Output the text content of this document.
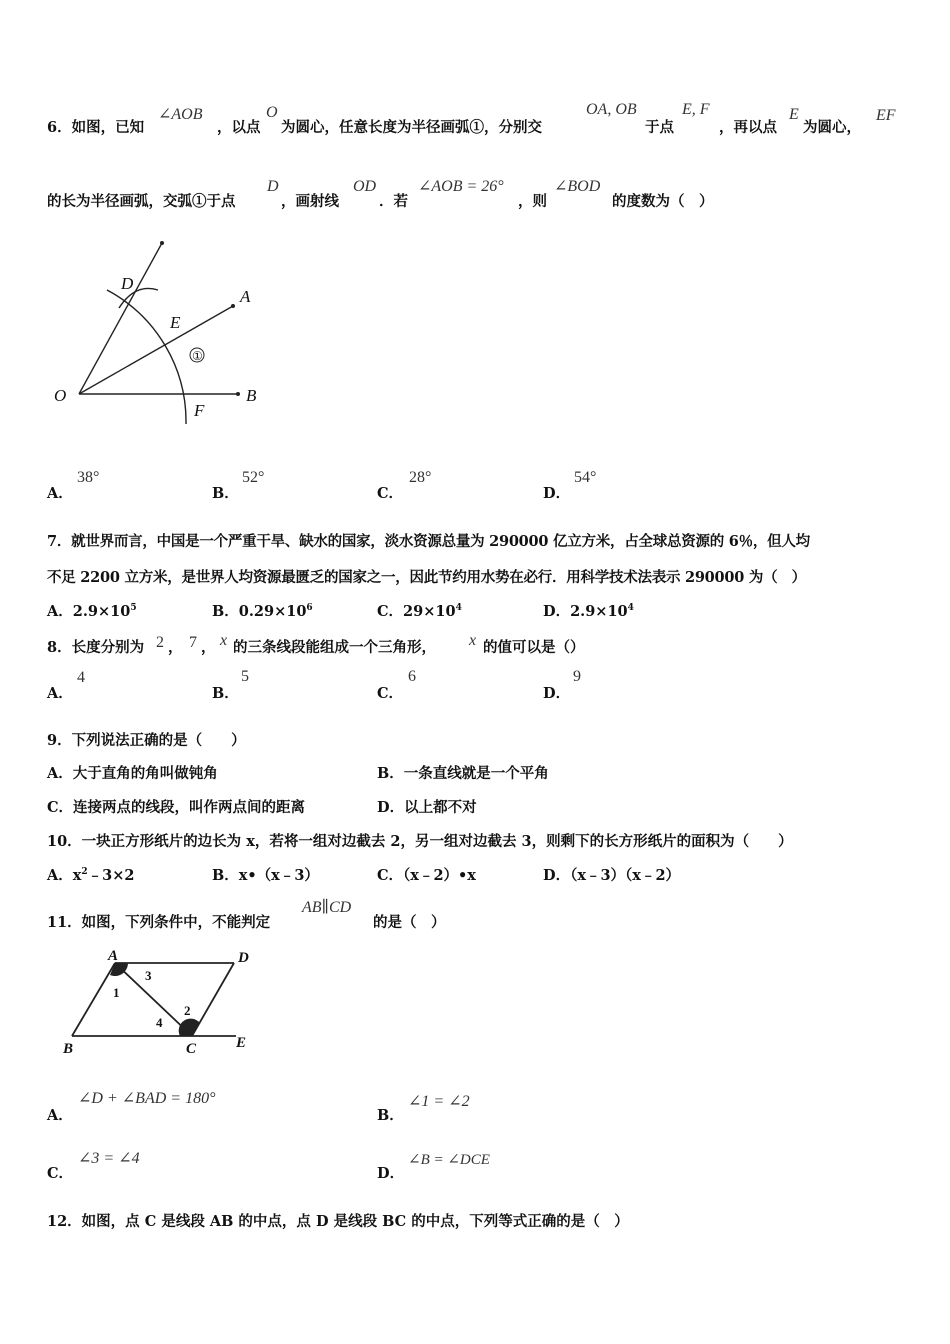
6．如图，已知
∠AOB
，以点
O
为圆心，任意长度为半径画弧①，分别交
OA, OB
于点
E, F
，再以点
E
为圆心，
EF
的长为半径画弧，交弧①于点
D
，画射线
OD
．若
∠AOB = 26°
，则
∠BOD
的度数为（　）
O
A
B
D
E
F
①
A．
38°
B．
52°
C．
28°
D．
54°
7．就世界而言，中国是一个严重干旱、缺水的国家，淡水资源总量为 290000 亿立方米，占全球总资源的 6％，但人均
不足 2200 立方米，是世界人均资源最匮乏的国家之一，因此节约用水势在必行．用科学技术法表示 290000 为（　）
A．$2.9\times 10^5$	B．$0.29\times 10^6$	C．$29\times 10^4$	D．$2.9\times 10^4$
8．长度分别为 2 ， 7 ， x 的三条线段能组成一个三角形， x 的值可以是（）
A．
4
B．
5
C．
6
D．
9
9．下列说法正确的是（　　）
A．大于直角的角叫做钝角	B．一条直线就是一个平角
C．连接两点的线段，叫作两点间的距离	D．以上都不对
10．一块正方形纸片的边长为 x，若将一组对边截去 2，另一组对边截去 3，则剩下的长方形纸片的面积为（　　）
A．$x^2﹣3\times 2$	B．x•（x﹣3）	C．（x﹣2）•x	D．（x﹣3）（x﹣2）
11．如图，下列条件中，不能判定
AB∥CD
的是（　）
A	D
B	C	E
1
2
3
4
A．
∠D + ∠BAD = 180°
B．
∠1 = ∠2
C．
∠3 = ∠4
D．
∠B = ∠DCE
12．如图，点 C 是线段 AB 的中点，点 D 是线段 BC 的中点，下列等式正确的是（　）
